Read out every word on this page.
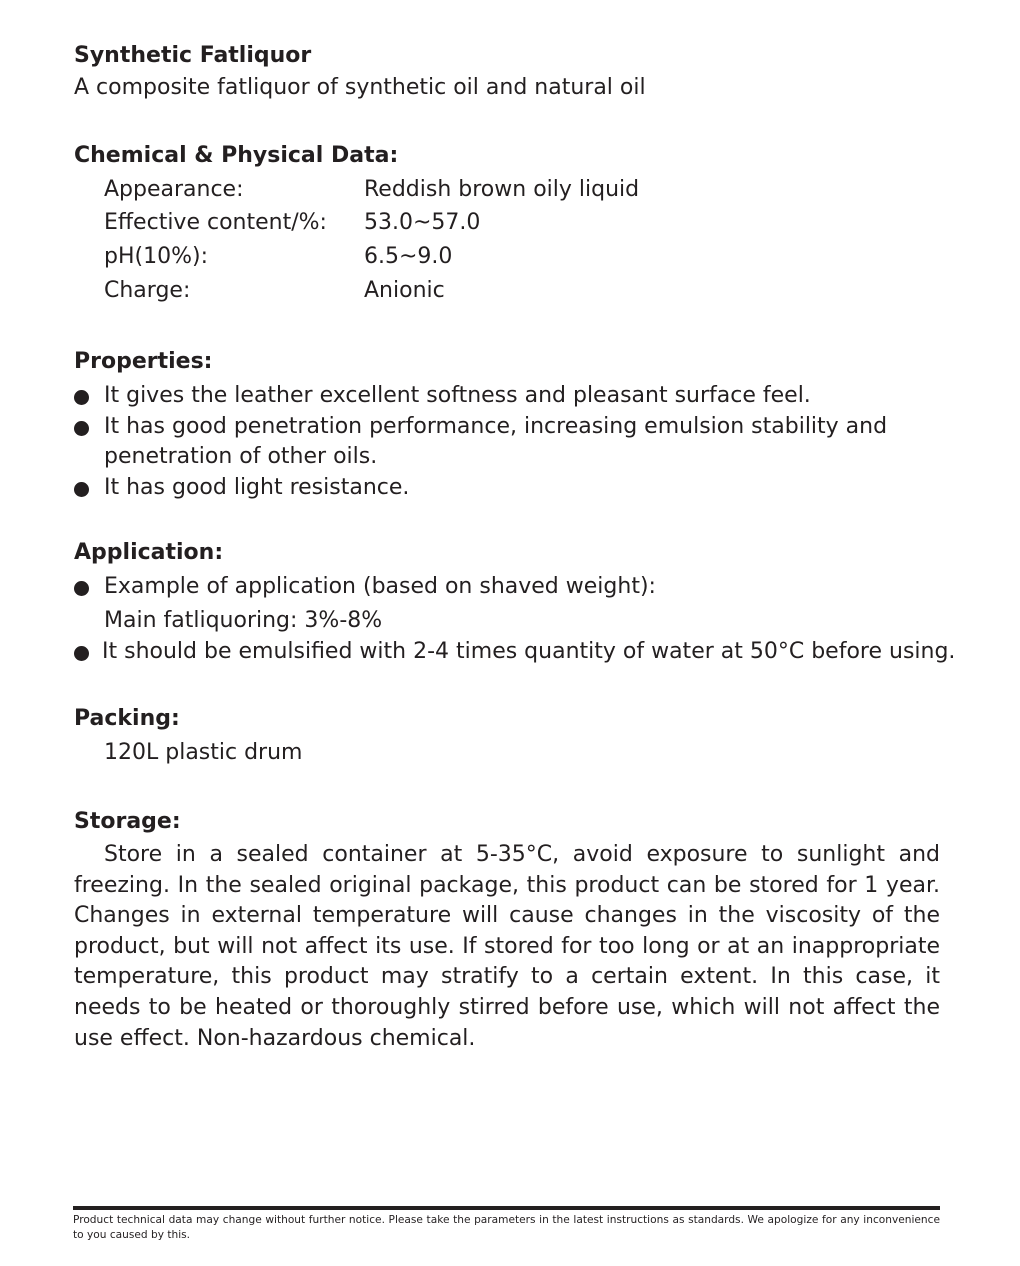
Synthetic Fatliquor

A composite fatliquor of synthetic oil and natural oil

Chemical & Physical Data:
Appearance:	Reddish brown oily liquid
Effective content/%: 53.0~57.0
pH(10%):	6.5~9.0
Charge:	Anionic
Properties:
It gives the leather excellent softness and pleasant surface feel.
It has good penetration performance, increasing emulsion stability and
penetration of other oils.
It has good light resistance.
Application:
Example of application (based on shaved weight):
Main fatliquoring: 3%-8%
It should be emulsified with 2-4 times quantity of water at 50°C before using.
Packing:

120L plastic drum

Storage:

Store in a sealed container at 5-35°C, avoid exposure to sunlight and freezing. In the sealed original package, this product can be stored for 1 year. Changes in external temperature will cause changes in the viscosity of the product, but will not affect its use. If stored for too long or at an inappropriate temperature, this product may stratify to a certain extent. In this case, it needs to be heated or thoroughly stirred before use, which will not affect the use effect. Non-hazardous chemical.

Product technical data may change without further notice. Please take the parameters in the latest instructions as standards. We apologize for any inconvenience to you caused by this.
